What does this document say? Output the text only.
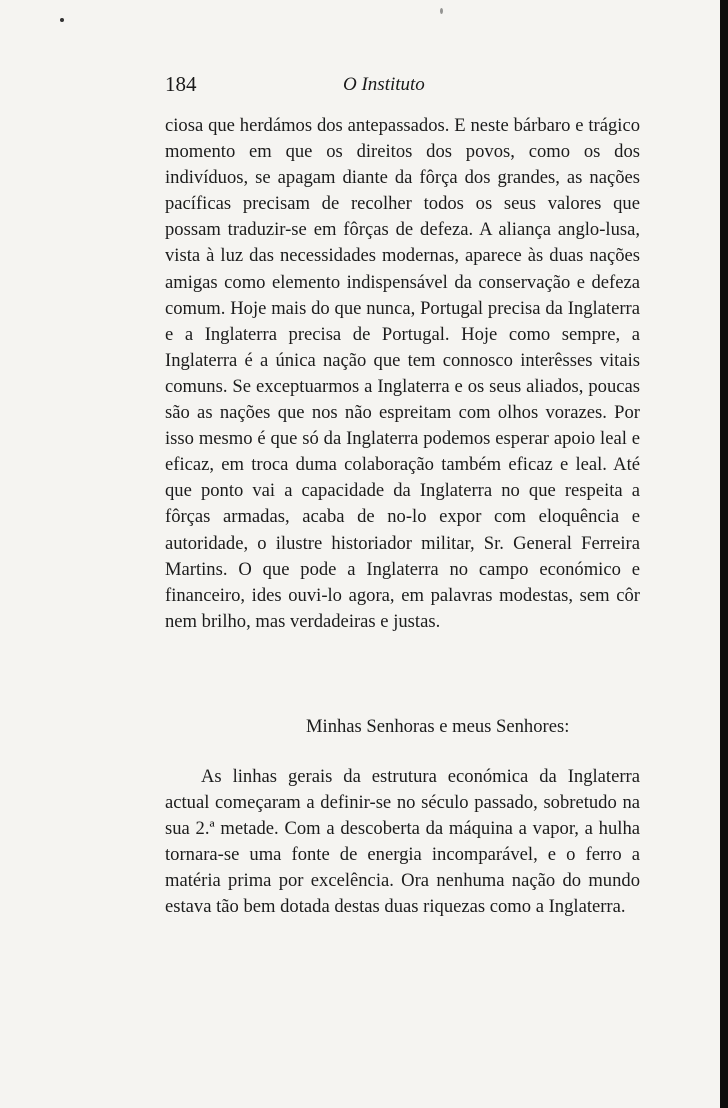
184	O Instituto

ciosa que herdámos dos antepassados. E neste bárbaro e trágico momento em que os direitos dos povos, como os dos indivíduos, se apagam diante da fôrça dos grandes, as nações pacíficas precisam de recolher todos os seus valores que possam traduzir-se em fôrças de defeza. A aliança anglo-lusa, vista à luz das necessidades modernas, aparece às duas nações amigas como elemento indispensável da conservação e defeza comum. Hoje mais do que nunca, Portugal precisa da Inglaterra e a Inglaterra precisa de Portugal. Hoje como sempre, a Inglaterra é a única nação que tem connosco interêsses vitais comuns. Se exceptuarmos a Inglaterra e os seus aliados, poucas são as nações que nos não espreitam com olhos vorazes. Por isso mesmo é que só da Inglaterra podemos esperar apoio leal e eficaz, em troca duma colaboração também eficaz e leal. Até que ponto vai a capacidade da Inglaterra no que respeita a fôrças armadas, acaba de no-lo expor com eloquência e autoridade, o ilustre historiador militar, Sr. General Ferreira Martins. O que pode a Inglaterra no campo económico e financeiro, ides ouvi-lo agora, em palavras modestas, sem côr nem brilho, mas verdadeiras e justas.

Minhas Senhoras e meus Senhores:

As linhas gerais da estrutura económica da Inglaterra actual começaram a definir-se no século passado, sobretudo na sua 2.ª metade. Com a descoberta da máquina a vapor, a hulha tornara-se uma fonte de energia incomparável, e o ferro a matéria prima por excelência. Ora nenhuma nação do mundo estava tão bem dotada destas duas riquezas como a Inglaterra.
